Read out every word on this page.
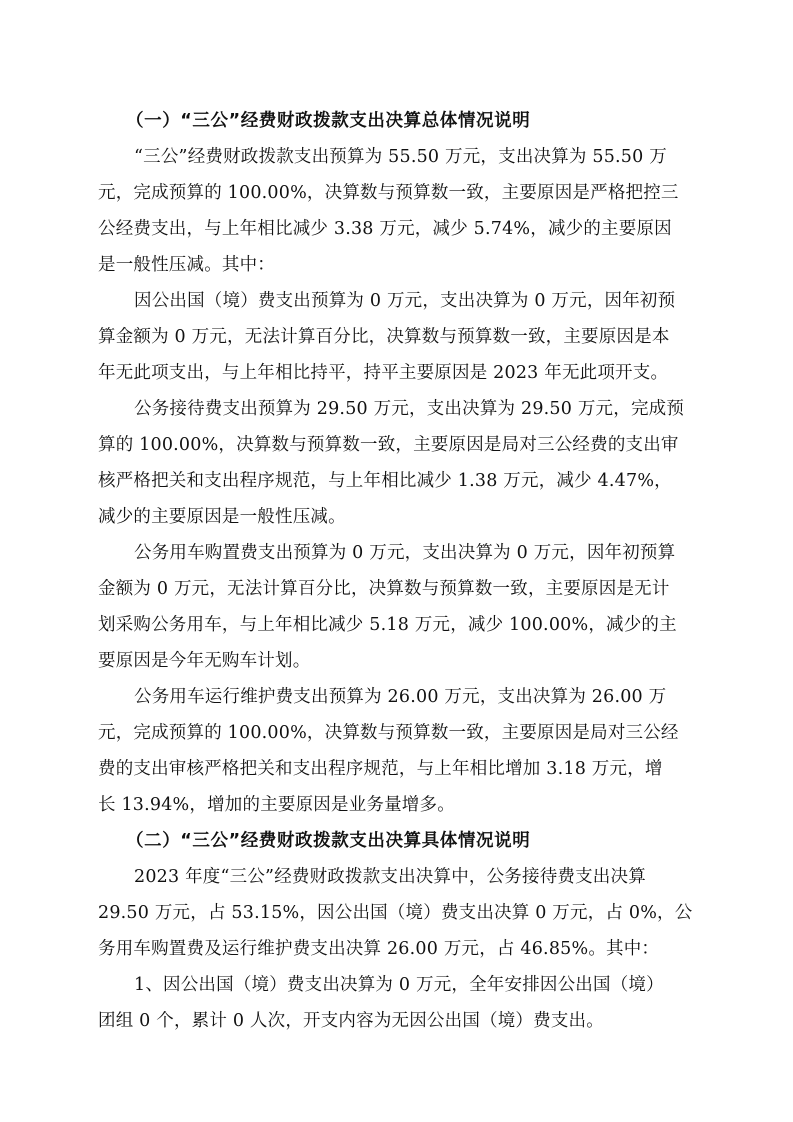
（一）“三公”经费财政拨款支出决算总体情况说明
“三公”经费财政拨款支出预算为 55.50 万元，支出决算为 55.50 万
元，完成预算的 100.00%，决算数与预算数一致，主要原因是严格把控三
公经费支出，与上年相比减少 3.38 万元，减少 5.74%，减少的主要原因
是一般性压减。其中：
因公出国（境）费支出预算为 0 万元，支出决算为 0 万元，因年初预
算金额为 0 万元，无法计算百分比，决算数与预算数一致，主要原因是本
年无此项支出，与上年相比持平，持平主要原因是 2023 年无此项开支。
公务接待费支出预算为 29.50 万元，支出决算为 29.50 万元，完成预
算的 100.00%，决算数与预算数一致，主要原因是局对三公经费的支出审
核严格把关和支出程序规范，与上年相比减少 1.38 万元，减少 4.47%，
减少的主要原因是一般性压减。
公务用车购置费支出预算为 0 万元，支出决算为 0 万元，因年初预算
金额为 0 万元，无法计算百分比，决算数与预算数一致，主要原因是无计
划采购公务用车，与上年相比减少 5.18 万元，减少 100.00%，减少的主
要原因是今年无购车计划。
公务用车运行维护费支出预算为 26.00 万元，支出决算为 26.00 万
元，完成预算的 100.00%，决算数与预算数一致，主要原因是局对三公经
费的支出审核严格把关和支出程序规范，与上年相比增加 3.18 万元，增
长 13.94%，增加的主要原因是业务量增多。
（二）“三公”经费财政拨款支出决算具体情况说明
2023 年度“三公”经费财政拨款支出决算中，公务接待费支出决算
29.50 万元，占 53.15%，因公出国（境）费支出决算 0 万元，占 0%，公
务用车购置费及运行维护费支出决算 26.00 万元，占 46.85%。其中：
1、因公出国（境）费支出决算为 0 万元，全年安排因公出国（境）
团组 0 个，累计 0 人次，开支内容为无因公出国（境）费支出。
